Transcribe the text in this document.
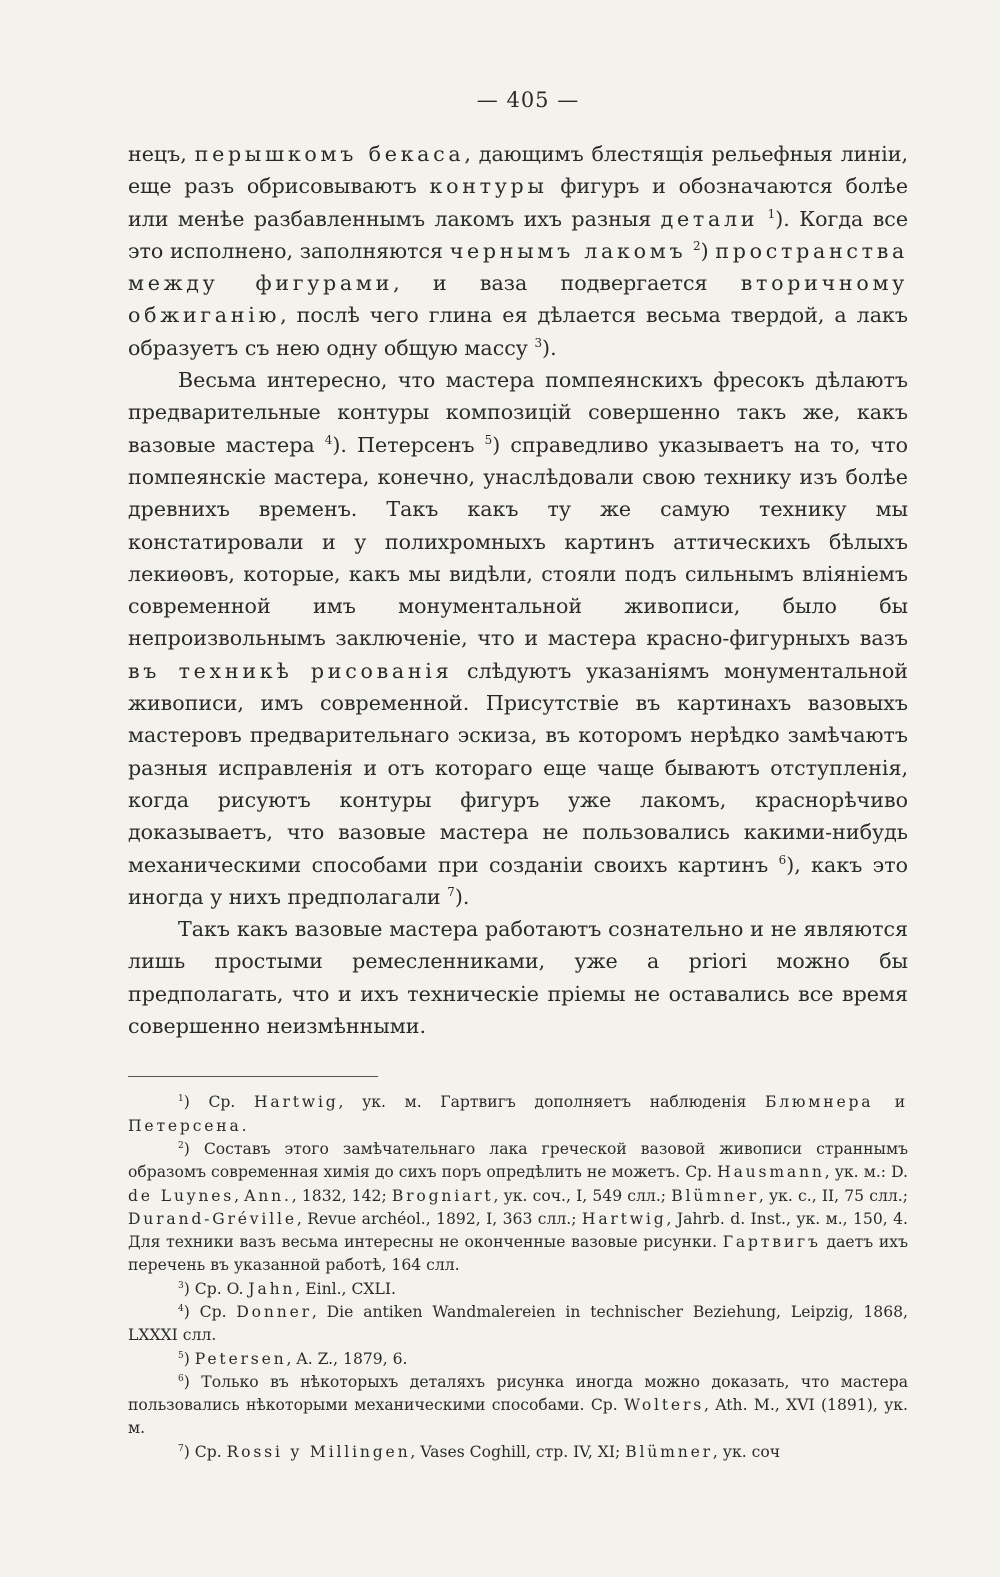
— 405 —

нецъ, перышкомъ бекаса, дающимъ блестящія рельефныя линіи, еще разъ обрисовываютъ контуры фигуръ и обозначаются болѣе или менѣе разбавленнымъ лакомъ ихъ разныя детали $^1$). Когда все это исполнено, заполняются чернымъ лакомъ $^2$) пространства между фигурами, и ваза подвергается вторичному обжиганію, послѣ чего глина ея дѣлается весьма твердой, а лакъ образуетъ съ нею одну общую массу $^3$).

Весьма интересно, что мастера помпеянскихъ фресокъ дѣлаютъ предварительные контуры композицій совершенно такъ же, какъ вазовые мастера $^4$). Петерсенъ $^5$) справедливо указываетъ на то, что помпеянскіе мастера, конечно, унаслѣдовали свою технику изъ болѣе древнихъ временъ. Такъ какъ ту же самую технику мы констатировали и у полихромныхъ картинъ аттическихъ бѣлыхъ лекиѳовъ, которые, какъ мы видѣли, стояли подъ сильнымъ вліяніемъ современной имъ монументальной живописи, было бы непроизвольнымъ заключеніе, что и мастера красно-фигурныхъ вазъ въ техникѣ рисованія слѣдуютъ указаніямъ монументальной живописи, имъ современной. Присутствіе въ картинахъ вазовыхъ мастеровъ предварительнаго эскиза, въ которомъ нерѣдко замѣчаютъ разныя исправленія и отъ котораго еще чаще бываютъ отступленія, когда рисуютъ контуры фигуръ уже лакомъ, краснорѣчиво доказываетъ, что вазовые мастера не пользовались какими-нибудь механическими способами при созданіи своихъ картинъ $^6$), какъ это иногда у нихъ предполагали $^7$).

Такъ какъ вазовые мастера работаютъ сознательно и не являются лишь простыми ремесленниками, уже a priori можно бы предполагать, что и ихъ техническіе пріемы не оставались все время совершенно неизмѣнными.

$^1$) Ср. Hartwig, ук. м. Гартвигъ дополняетъ наблюденія Блюмнера и Петерсена.

$^2$) Составъ этого замѣчательнаго лака греческой вазовой живописи страннымъ образомъ современная химія до сихъ поръ опредѣлить не можетъ. Ср. Hausmann, ук. м.: D. de Luynes, Ann., 1832, 142; Brogniart, ук. соч., I, 549 слл.; Blümner, ук. с., II, 75 слл.; Durand-Gréville, Revue archéol., 1892, I, 363 слл.; Hartwig, Jahrb. d. Inst., ук. м., 150, 4. Для техники вазъ весьма интересны не оконченные вазовые рисунки. Гартвигъ даетъ ихъ перечень въ указанной работѣ, 164 слл.

$^3$) Ср. O. Jahn, Einl., CXLI.

$^4$) Ср. Donner, Die antiken Wandmalereien in technischer Beziehung, Leipzig, 1868, LXXXI слл.

$^5$) Petersen, A. Z., 1879, 6.

$^6$) Только въ нѣкоторыхъ деталяхъ рисунка иногда можно доказать, что мастера пользовались нѣкоторыми механическими способами. Ср. Wolters, Ath. M., XVI (1891), ук. м.

$^7$) Ср. Rossi y Millingen, Vases Coghill, стр. IV, XI; Blümner, ук. соч
